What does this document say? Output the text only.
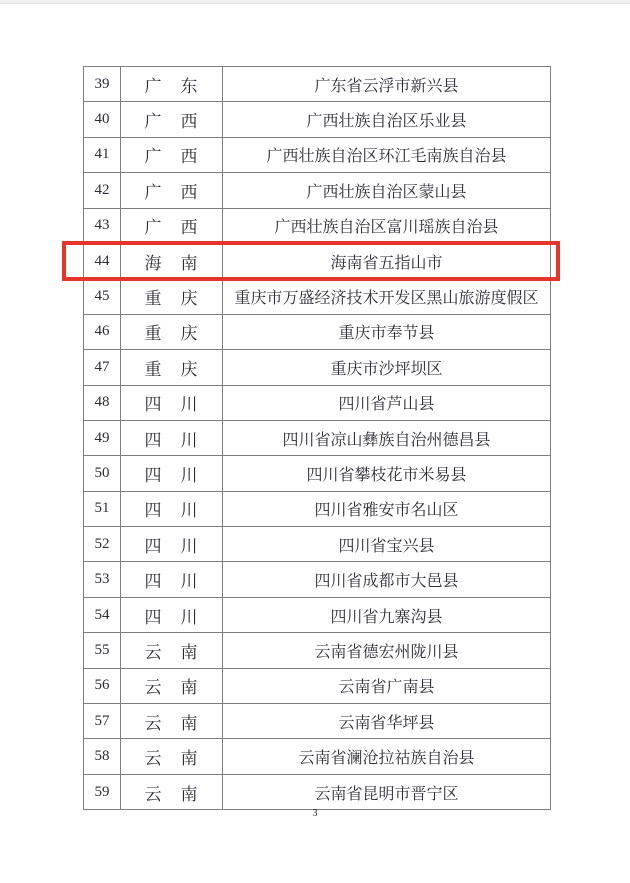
39	广　东	广东省云浮市新兴县
40	广　西	广西壮族自治区乐业县
41	广　西	广西壮族自治区环江毛南族自治县
42	广　西	广西壮族自治区蒙山县
43	广　西	广西壮族自治区富川瑶族自治县
44	海　南	海南省五指山市
45	重　庆	重庆市万盛经济技术开发区黑山旅游度假区
46	重　庆	重庆市奉节县
47	重　庆	重庆市沙坪坝区
48	四　川	四川省芦山县
49	四　川	四川省凉山彝族自治州德昌县
50	四　川	四川省攀枝花市米易县
51	四　川	四川省雅安市名山区
52	四　川	四川省宝兴县
53	四　川	四川省成都市大邑县
54	四　川	四川省九寨沟县
55	云　南	云南省德宏州陇川县
56	云　南	云南省广南县
57	云　南	云南省华坪县
58	云　南	云南省澜沧拉祜族自治县
59	云　南	云南省昆明市晋宁区
3
